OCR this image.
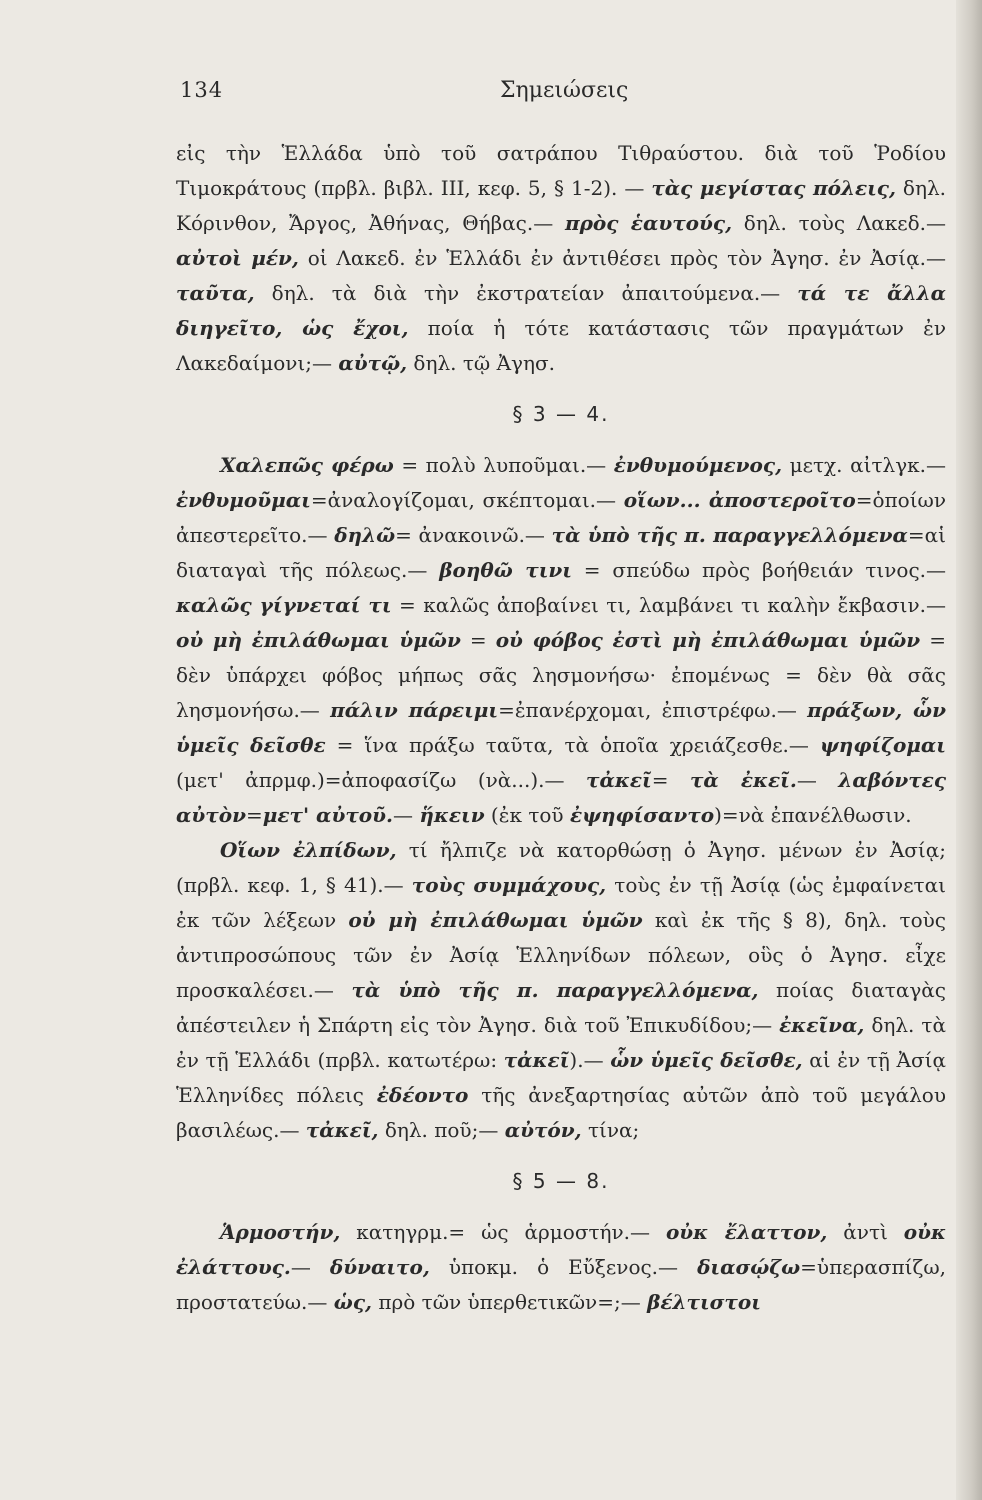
134	Σημειώσεις

εἰς τὴν Ἑλλάδα ὑπὸ τοῦ σατράπου Τιθραύστου. διὰ τοῦ Ῥοδίου Τιμοκράτους (πρβλ. βιβλ. ΙΙΙ, κεφ. 5, § 1-2). — τὰς μεγίστας πόλεις, δηλ. Κόρινθον, Ἄργος, Ἀθήνας, Θήβας.— πρὸς ἑαυτούς, δηλ. τοὺς Λακεδ.— αὐτοὶ μέν, οἱ Λακεδ. ἐν Ἑλλάδι ἐν ἀντιθέσει πρὸς τὸν Ἀγησ. ἐν Ἀσίᾳ.— ταῦτα, δηλ. τὰ διὰ τὴν ἐκστρατείαν ἀπαιτούμενα.— τά τε ἄλλα διηγεῖτο, ὡς ἔχοι, ποία ἡ τότε κατάστασις τῶν πραγμάτων ἐν Λακεδαίμονι;— αὐτῷ, δηλ. τῷ Ἀγησ.

§ 3 — 4.

Χαλεπῶς φέρω = πολὺ λυποῦμαι.— ἐνθυμούμενος, μετχ. αἰτλγκ.— ἐνθυμοῦμαι=ἀναλογίζομαι, σκέπτομαι.— οἵων... ἀποστεροῖτο=ὁποίων ἀπεστερεῖτο.— δηλῶ= ἀνακοινῶ.— τὰ ὑπὸ τῆς π. παραγγελλόμενα=αἱ διαταγαὶ τῆς πόλεως.— βοηθῶ τινι = σπεύδω πρὸς βοήθειάν τινος.— καλῶς γίγνεταί τι = καλῶς ἀποβαίνει τι, λαμβάνει τι καλὴν ἔκβασιν.— οὐ μὴ ἐπιλάθωμαι ὑμῶν = οὐ φόβος ἐστὶ μὴ ἐπιλάθωμαι ὑμῶν = δὲν ὑπάρχει φόβος μήπως σᾶς λησμονήσω· ἐπομένως = δὲν θὰ σᾶς λησμονήσω.— πάλιν πάρειμι=ἐπανέρχομαι, ἐπιστρέφω.— πράξων, ὧν ὑμεῖς δεῖσθε = ἵνα πράξω ταῦτα, τὰ ὁποῖα χρειάζεσθε.— ψηφίζομαι (μετ' ἀπρμφ.)=ἀποφασίζω (νὰ...).— τἀκεῖ= τὰ ἐκεῖ.— λαβόντες αὐτὸν=μετ' αὐτοῦ.— ἥκειν (ἐκ τοῦ ἐψηφίσαντο)=νὰ ἐπανέλθωσιν.

Οἵων ἐλπίδων, τί ἤλπιζε νὰ κατορθώσῃ ὁ Ἀγησ. μένων ἐν Ἀσίᾳ; (πρβλ. κεφ. 1, § 41).— τοὺς συμμάχους, τοὺς ἐν τῇ Ἀσίᾳ (ὡς ἐμφαίνεται ἐκ τῶν λέξεων οὐ μὴ ἐπιλάθωμαι ὑμῶν καὶ ἐκ τῆς § 8), δηλ. τοὺς ἀντιπροσώπους τῶν ἐν Ἀσίᾳ Ἑλληνίδων πόλεων, οὓς ὁ Ἀγησ. εἶχε προσκαλέσει.— τὰ ὑπὸ τῆς π. παραγγελλόμενα, ποίας διαταγὰς ἀπέστειλεν ἡ Σπάρτη εἰς τὸν Ἀγησ. διὰ τοῦ Ἐπικυδίδου;— ἐκεῖνα, δηλ. τὰ ἐν τῇ Ἑλλάδι (πρβλ. κατωτέρω: τἀκεῖ).— ὧν ὑμεῖς δεῖσθε, αἱ ἐν τῇ Ἀσίᾳ Ἑλληνίδες πόλεις ἐδέοντο τῆς ἀνεξαρτησίας αὐτῶν ἀπὸ τοῦ μεγάλου βασιλέως.— τἀκεῖ, δηλ. ποῦ;— αὐτόν, τίνα;

§ 5 — 8.

Ἁρμοστήν, κατηγρμ.= ὡς ἁρμοστήν.— οὐκ ἔλαττον, ἀντὶ οὐκ ἐλάττους.— δύναιτο, ὑποκμ. ὁ Εὔξενος.— διασῴζω=ὑπερασπίζω, προστατεύω.— ὡς, πρὸ τῶν ὑπερθετικῶν=;— βέλτιστοι
